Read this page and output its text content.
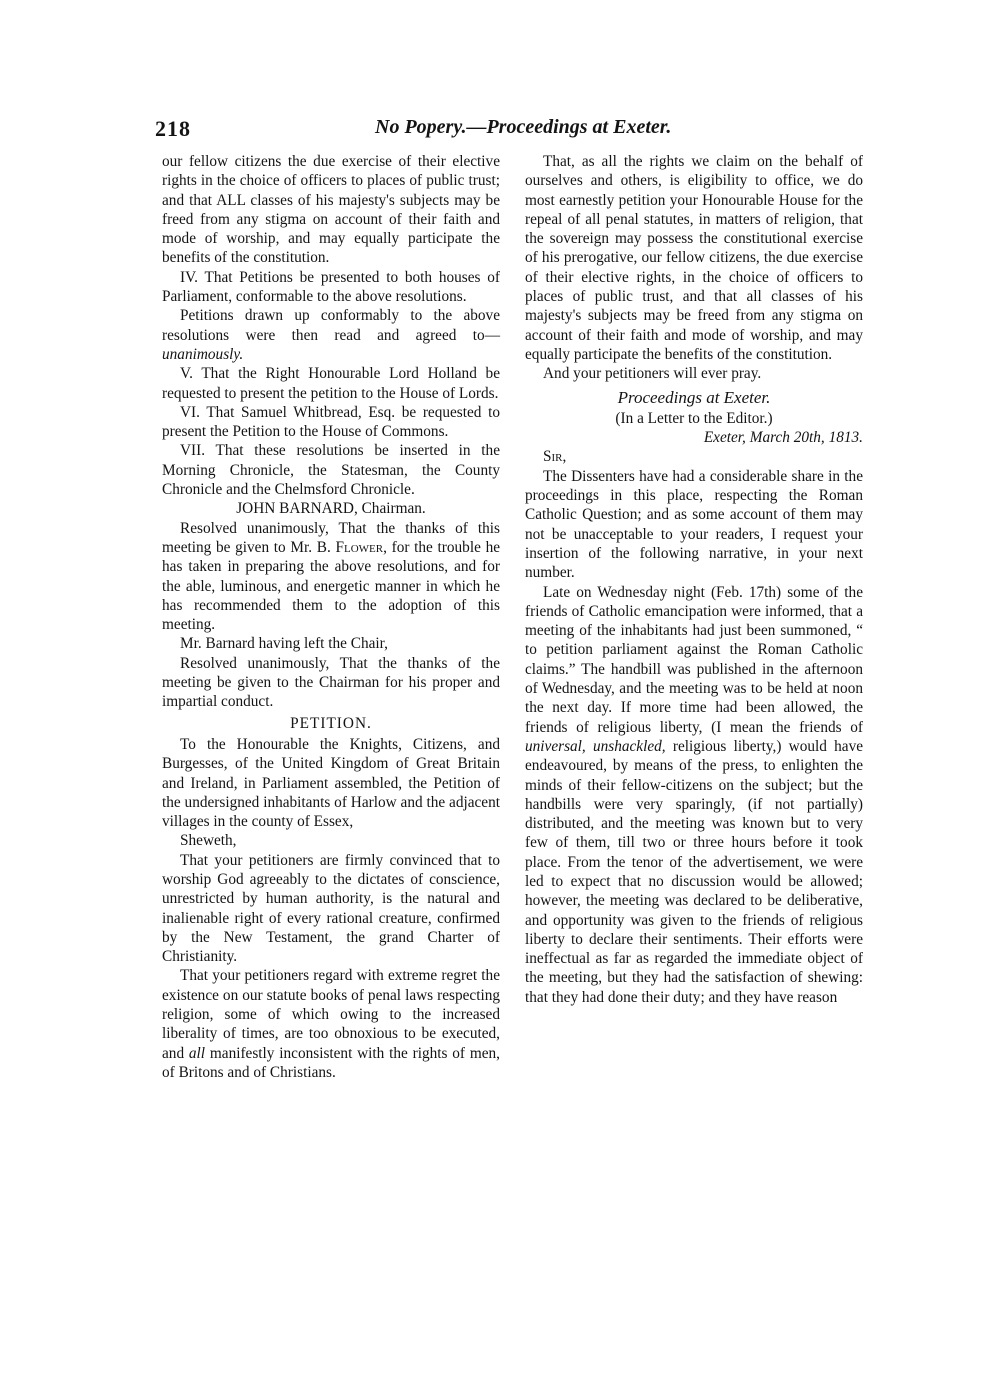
218	No Popery.—Proceedings at Exeter.

our fellow citizens the due exercise of their elective rights in the choice of officers to places of public trust; and that ALL classes of his majesty's subjects may be freed from any stigma on account of their faith and mode of worship, and may equally participate the benefits of the constitution.

IV. That Petitions be presented to both houses of Parliament, conformable to the above resolutions.

Petitions drawn up conformably to the above resolutions were then read and agreed to—unanimously.

V. That the Right Honourable Lord Holland be requested to present the petition to the House of Lords.

VI. That Samuel Whitbread, Esq. be requested to present the Petition to the House of Commons.

VII. That these resolutions be inserted in the Morning Chronicle, the Statesman, the County Chronicle and the Chelmsford Chronicle.

JOHN BARNARD, Chairman.

Resolved unanimously, That the thanks of this meeting be given to Mr. B. Flower, for the trouble he has taken in preparing the above resolutions, and for the able, luminous, and energetic manner in which he has recommended them to the adoption of this meeting.

Mr. Barnard having left the Chair,

Resolved unanimously, That the thanks of the meeting be given to the Chairman for his proper and impartial conduct.

PETITION.

To the Honourable the Knights, Citizens, and Burgesses, of the United Kingdom of Great Britain and Ireland, in Parliament assembled, the Petition of the undersigned inhabitants of Harlow and the adjacent villages in the county of Essex,

Sheweth,

That your petitioners are firmly convinced that to worship God agreeably to the dictates of conscience, unrestricted by human authority, is the natural and inalienable right of every rational creature, confirmed by the New Testament, the grand Charter of Christianity.

That your petitioners regard with extreme regret the existence on our statute books of penal laws respecting religion, some of which owing to the increased liberality of times, are too obnoxious to be executed, and all manifestly inconsistent with the rights of men, of Britons and of Christians.

That, as all the rights we claim on the behalf of ourselves and others, is eligibility to office, we do most earnestly petition your Honourable House for the repeal of all penal statutes, in matters of religion, that the sovereign may possess the constitutional exercise of his prerogative, our fellow citizens, the due exercise of their elective rights, in the choice of officers to places of public trust, and that all classes of his majesty's subjects may be freed from any stigma on account of their faith and mode of worship, and may equally participate the benefits of the constitution.

And your petitioners will ever pray.

Proceedings at Exeter.

(In a Letter to the Editor.)

Exeter, March 20th, 1813.

Sir,

The Dissenters have had a considerable share in the proceedings in this place, respecting the Roman Catholic Question; and as some account of them may not be unacceptable to your readers, I request your insertion of the following narrative, in your next number.

Late on Wednesday night (Feb. 17th) some of the friends of Catholic emancipation were informed, that a meeting of the inhabitants had just been summoned, “ to petition parliament against the Roman Catholic claims.” The handbill was published in the afternoon of Wednesday, and the meeting was to be held at noon the next day. If more time had been allowed, the friends of religious liberty, (I mean the friends of universal, unshackled, religious liberty,) would have endeavoured, by means of the press, to enlighten the minds of their fellow-citizens on the subject; but the handbills were very sparingly, (if not partially) distributed, and the meeting was known but to very few of them, till two or three hours before it took place. From the tenor of the advertisement, we were led to expect that no discussion would be allowed; however, the meeting was declared to be deliberative, and opportunity was given to the friends of religious liberty to declare their sentiments. Their efforts were ineffectual as far as regarded the immediate object of the meeting, but they had the satisfaction of shewing: that they had done their duty; and they have reason
